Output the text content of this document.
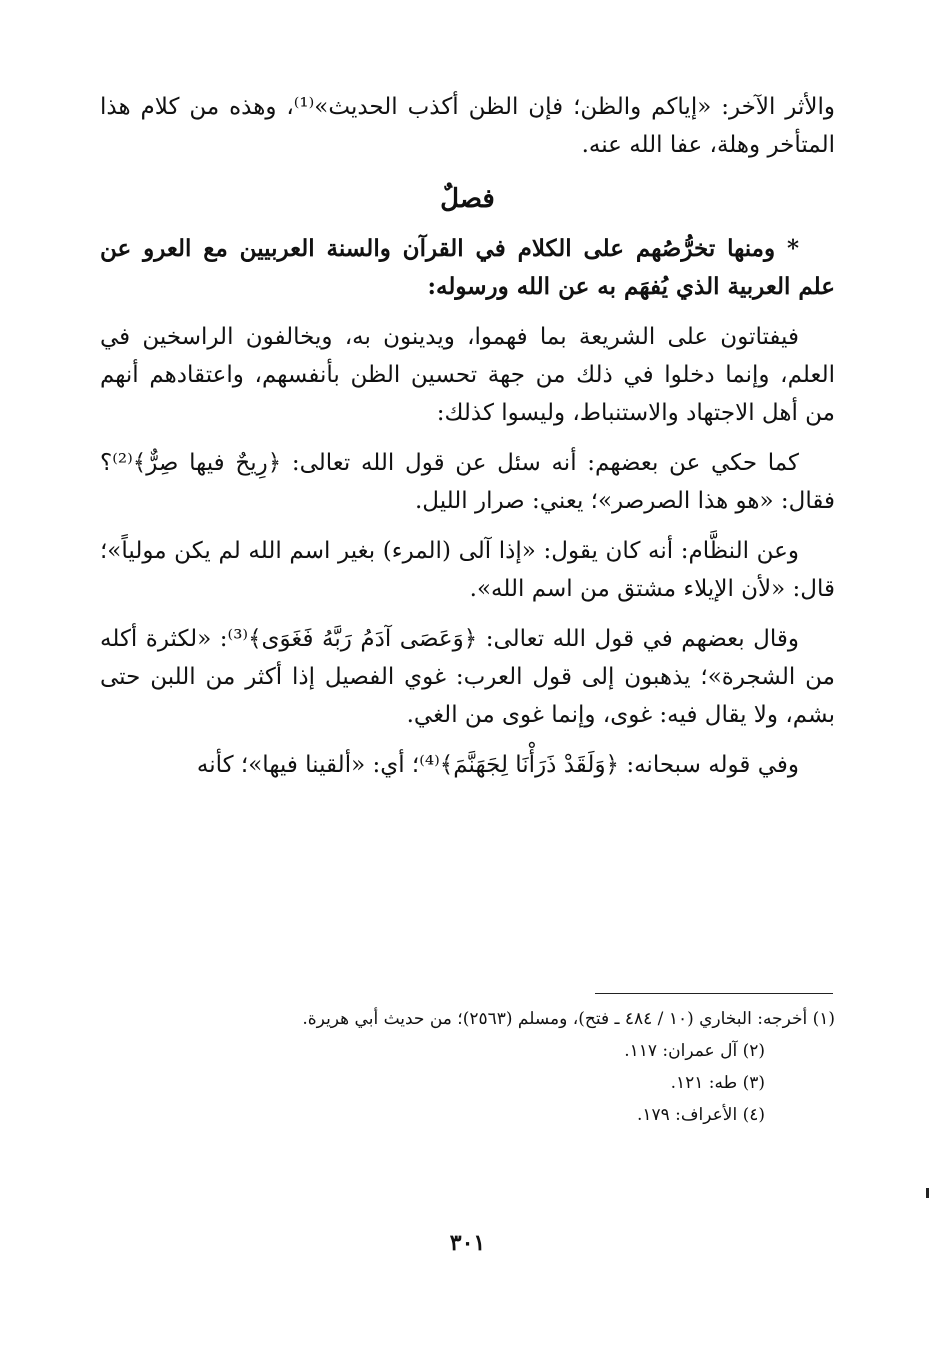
والأثر الآخر: «إياكم والظن؛ فإن الظن أكذب الحديث»⁽¹⁾، وهذه من كلام هذا المتأخر وهلة، عفا الله عنه.

فصلٌ

* ومنها تخرُّصُهم على الكلام في القرآن والسنة العربيين مع العرو عن علم العربية الذي يُفهَم به عن الله ورسوله:

فيفتاتون على الشريعة بما فهموا، ويدينون به، ويخالفون الراسخين في العلم، وإنما دخلوا في ذلك من جهة تحسين الظن بأنفسهم، واعتقادهم أنهم من أهل الاجتهاد والاستنباط، وليسوا كذلك:

كما حكي عن بعضهم: أنه سئل عن قول الله تعالى: ﴿رِيحٌ فيها صِرٌّ﴾⁽²⁾؟ فقال: «هو هذا الصرصر»؛ يعني: صرار الليل.

وعن النظَّام: أنه كان يقول: «إذا آلى (المرء) بغير اسم الله لم يكن مولياً»؛ قال: «لأن الإيلاء مشتق من اسم الله».

وقال بعضهم في قول الله تعالى: ﴿وَعَصَى آدَمُ رَبَّهُ فَغَوَى﴾⁽³⁾: «لكثرة أكله من الشجرة»؛ يذهبون إلى قول العرب: غوي الفصيل إذا أكثر من اللبن حتى بشم، ولا يقال فيه: غوى، وإنما غوى من الغي.

وفي قوله سبحانه: ﴿وَلَقَدْ ذَرَأْنَا لِجَهَنَّمَ﴾⁽⁴⁾؛ أي: «ألقينا فيها»؛ كأنه

(١) أخرجه: البخاري (١٠ / ٤٨٤ ـ فتح)، ومسلم (٢٥٦٣)؛ من حديث أبي هريرة.

(٢) آل عمران: ١١٧.

(٣) طه: ١٢١.

(٤) الأعراف: ١٧٩.

٣٠١
